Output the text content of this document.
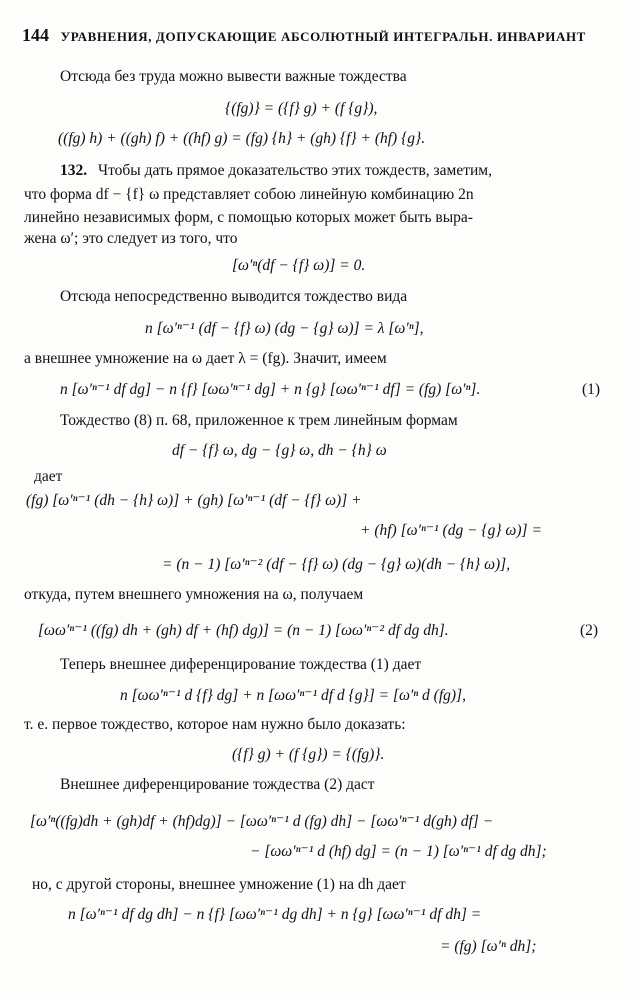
144 УРАВНЕНИЯ, ДОПУСКАЮЩИЕ АБСОЛЮТНЫЙ ИНТЕГРАЛЬН. ИНВАРИАНТ
Отсюда без труда можно вывести важные тождества
{(fg)} = ({f} g) + (f {g}),
((fg) h) + ((gh) f) + ((hf) g) = (fg) {h} + (gh) {f} + (hf) {g}.
132. Чтобы дать прямое доказательство этих тождеств, заметим,
что форма df − {f} ω представляет собою линейную комбинацию 2n
линейно независимых форм, с помощью которых может быть выра-
жена ω′; это следует из того, что
[ω′ⁿ(df − {f} ω)] = 0.
Отсюда непосредственно выводится тождество вида
n [ω′ⁿ⁻¹ (df − {f} ω) (dg − {g} ω)] = λ [ω′ⁿ],
а внешнее умножение на ω дает λ = (fg). Значит, имеем
n [ω′ⁿ⁻¹ df dg] − n {f} [ωω′ⁿ⁻¹ dg] + n {g} [ωω′ⁿ⁻¹ df] = (fg) [ω′ⁿ].	(1)
Тождество (8) п. 68, приложенное к трем линейным формам
df − {f} ω, dg − {g} ω, dh − {h} ω
дает
(fg) [ω′ⁿ⁻¹ (dh − {h} ω)] + (gh) [ω′ⁿ⁻¹ (df − {f} ω)] +
+ (hf) [ω′ⁿ⁻¹ (dg − {g} ω)] =
= (n − 1) [ω′ⁿ⁻² (df − {f} ω) (dg − {g} ω)(dh − {h} ω)],
откуда, путем внешнего умножения на ω, получаем
[ωω′ⁿ⁻¹ ((fg) dh + (gh) df + (hf) dg)] = (n − 1) [ωω′ⁿ⁻² df dg dh].	(2)
Теперь внешнее диференцирование тождества (1) дает
n [ωω′ⁿ⁻¹ d {f} dg] + n [ωω′ⁿ⁻¹ df d {g}] = [ω′ⁿ d (fg)],
т. е. первое тождество, которое нам нужно было доказать:
({f} g) + (f {g}) = {(fg)}.
Внешнее диференцирование тождества (2) даст
[ω′ⁿ((fg)dh + (gh)df + (hf)dg)] − [ωω′ⁿ⁻¹ d (fg) dh] − [ωω′ⁿ⁻¹ d(gh) df] −
− [ωω′ⁿ⁻¹ d (hf) dg] = (n − 1) [ω′ⁿ⁻¹ df dg dh];
но, с другой стороны, внешнее умножение (1) на dh дает
n [ω′ⁿ⁻¹ df dg dh] − n {f} [ωω′ⁿ⁻¹ dg dh] + n {g} [ωω′ⁿ⁻¹ df dh] =
= (fg) [ω′ⁿ dh];
